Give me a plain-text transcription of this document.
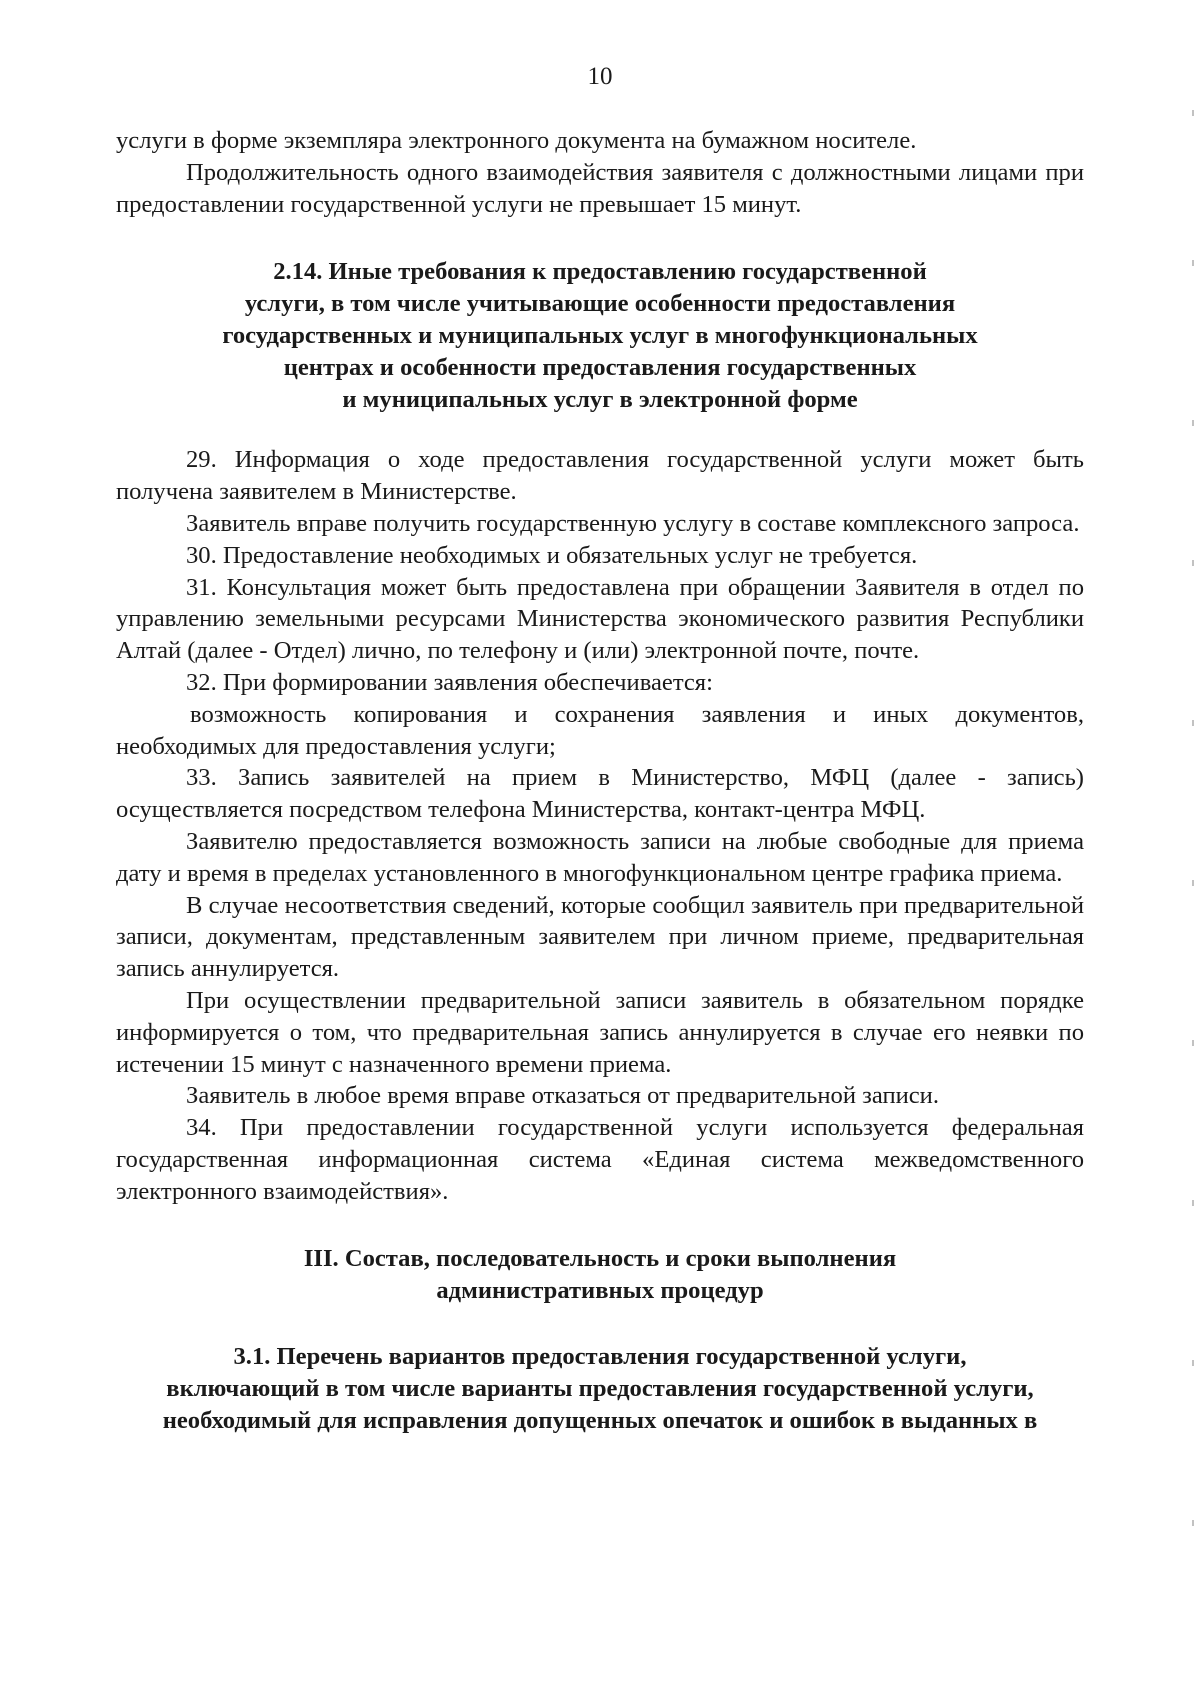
10

услуги в форме экземпляра электронного документа на бумажном носителе.

Продолжительность одного взаимодействия заявителя с должностными лицами при предоставлении государственной услуги не превышает 15 минут.

2.14. Иные требования к предоставлению государственной
услуги, в том числе учитывающие особенности предоставления
государственных и муниципальных услуг в многофункциональных
центрах и особенности предоставления государственных
и муниципальных услуг в электронной форме

29. Информация о ходе предоставления государственной услуги может быть получена заявителем в Министерстве.

Заявитель вправе получить государственную услугу в составе комплексного запроса.

30. Предоставление необходимых и обязательных услуг не требуется.

31. Консультация может быть предоставлена при обращении Заявителя в отдел по управлению земельными ресурсами Министерства экономического развития Республики Алтай (далее - Отдел) лично, по телефону и (или) электронной почте, почте.

32. При формировании заявления обеспечивается:

возможность копирования и сохранения заявления и иных документов, необходимых для предоставления услуги;

33. Запись заявителей на прием в Министерство, МФЦ (далее - запись) осуществляется посредством телефона Министерства, контакт-центра МФЦ.

Заявителю предоставляется возможность записи на любые свободные для приема дату и время в пределах установленного в многофункциональном центре графика приема.

В случае несоответствия сведений, которые сообщил заявитель при предварительной записи, документам, представленным заявителем при личном приеме, предварительная запись аннулируется.

При осуществлении предварительной записи заявитель в обязательном порядке информируется о том, что предварительная запись аннулируется в случае его неявки по истечении 15 минут с назначенного времени приема.

Заявитель в любое время вправе отказаться от предварительной записи.

34. При предоставлении государственной услуги используется федеральная государственная информационная система «Единая система межведомственного электронного взаимодействия».

III. Состав, последовательность и сроки выполнения
административных процедур
3.1. Перечень вариантов предоставления государственной услуги,
включающий в том числе варианты предоставления государственной услуги,
необходимый для исправления допущенных опечаток и ошибок в выданных в
